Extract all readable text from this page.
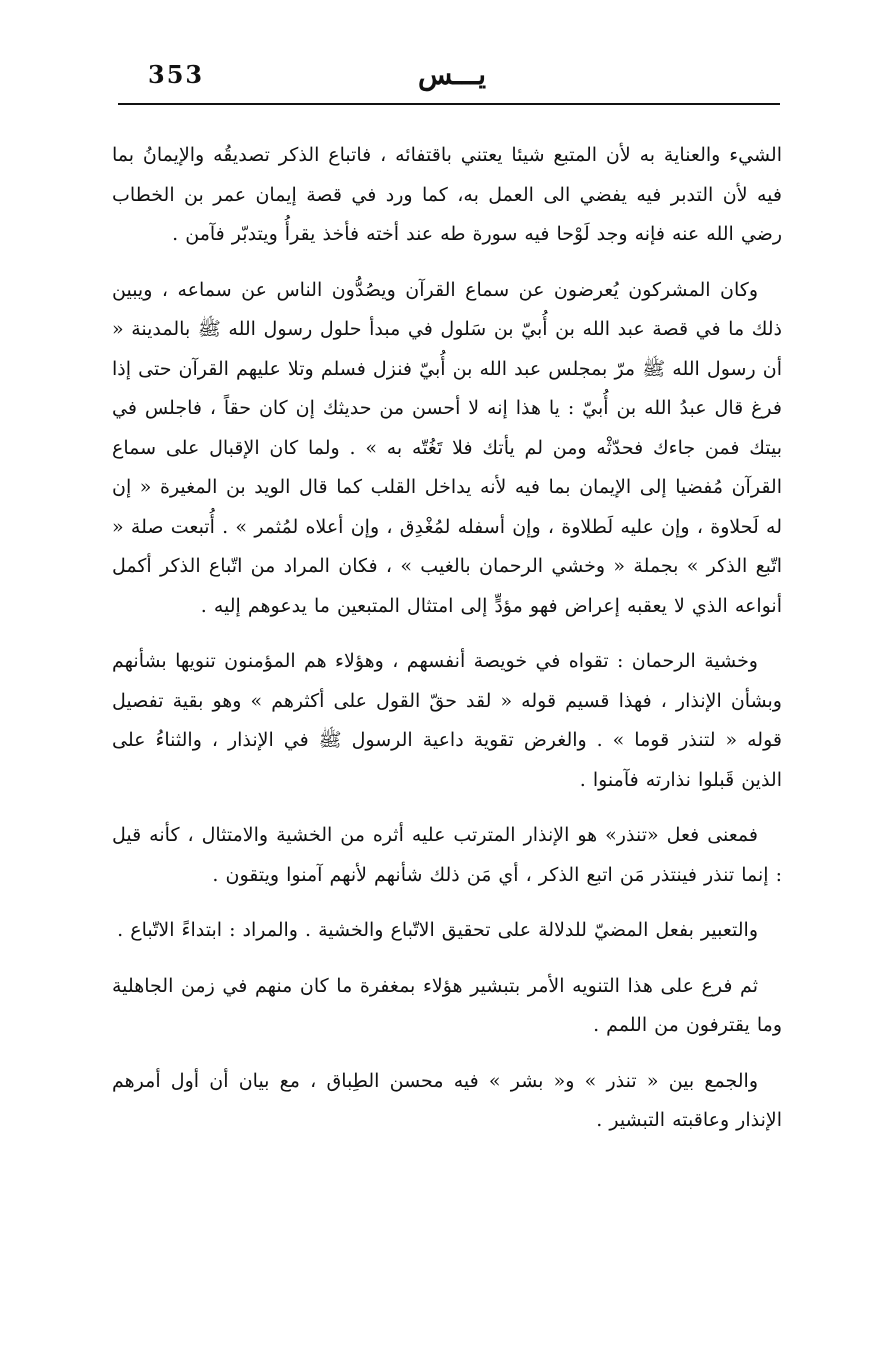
353	يـــس

الشيء والعناية به لأن المتبع شيئا يعتني باقتفائه ، فاتباع الذكر تصديقُه والإيمانُ بما فيه لأن التدبر فيه يفضي الى العمل به، كما ورد في قصة إيمان عمر بن الخطاب رضي الله عنه فإنه وجد لَوْحا فيه سورة طه عند أخته فأخذ يقرأُ ويتدبّر فآمن .

وكان المشركون يُعرضون عن سماع القرآن ويصُدُّون الناس عن سماعه ، ويبين ذلك ما في قصة عبد الله بن أُبيّ بن سَلول في مبدأ حلول رسول الله ﷺ بالمدينة « أن رسول الله ﷺ مرّ بمجلس عبد الله بن أُبيّ فنزل فسلم وتلا عليهم القرآن حتى إذا فرغ قال عبدُ الله بن أُبيّ : يا هذا إنه لا أحسن من حديثك إن كان حقاً ، فاجلس في بيتك فمن جاءك فحدّثْه ومن لم يأتك فلا تَغُتّه به » . ولما كان الإقبال على سماع القرآن مُفضيا إلى الإيمان بما فيه لأنه يداخل القلب كما قال الويد بن المغيرة « إن له لَحلاوة ، وإن عليه لَطلاوة ، وإن أسفله لمُغْدِق ، وإن أعلاه لمُثمر » . أُتبعت صلة « اتّبع الذكر » بجملة « وخشي الرحمان بالغيب » ، فكان المراد من اتّباع الذكر أكمل أنواعه الذي لا يعقبه إعراض فهو مؤدٍّ إلى امتثال المتبعين ما يدعوهم إليه .

وخشية الرحمان : تقواه في خويصة أنفسهم ، وهؤلاء هم المؤمنون تنويها بشأنهم وبشأن الإنذار ، فهذا قسيم قوله « لقد حقّ القول على أكثرهم » وهو بقية تفصيل قوله « لتنذر قوما » . والغرض تقوية داعية الرسول ﷺ في الإنذار ، والثناءُ على الذين قَبلوا نذارته فآمنوا .

فمعنى فعل «تنذر» هو الإنذار المترتب عليه أثره من الخشية والامتثال ، كأنه قيل : إنما تنذر فينتذر مَن اتبع الذكر ، أي مَن ذلك شأنهم لأنهم آمنوا ويتقون .

والتعبير بفعل المضيّ للدلالة على تحقيق الاتّباع والخشية . والمراد : ابتداءً الاتّباع .

ثم فرع على هذا التنويه الأمر بتبشير هؤلاء بمغفرة ما كان منهم في زمن الجاهلية وما يقترفون من اللمم .

والجمع بين « تنذر » و« بشر » فيه محسن الطِباق ، مع بيان أن أول أمرهم الإنذار وعاقبته التبشير .
